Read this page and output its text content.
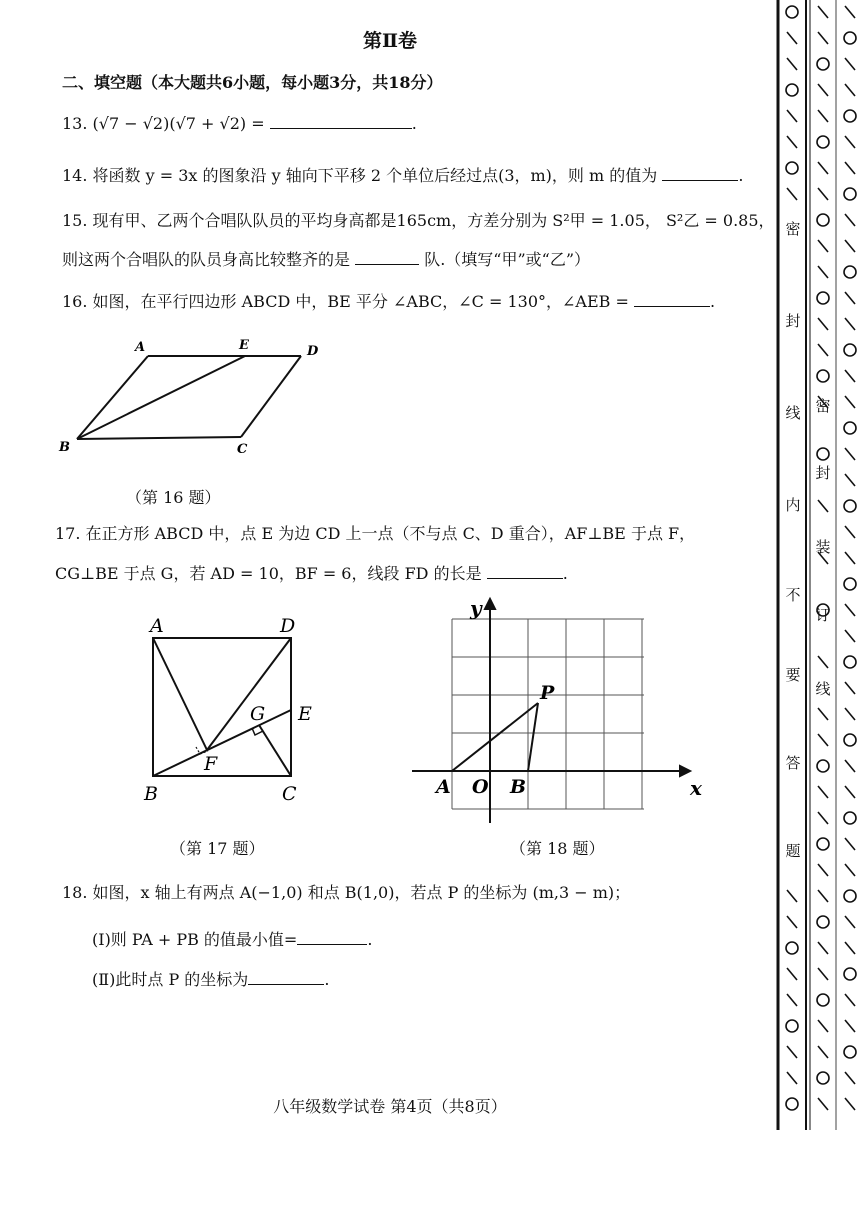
第Ⅱ卷
二、填空题（本大题共6小题，每小题3分，共18分）
13. (√7 − √2)(√7 + √2) =	.
14. 将函数 y = 3x 的图象沿 y 轴向下平移 2 个单位后经过点(3，m)，则 m 的值为	.
15. 现有甲、乙两个合唱队队员的平均身高都是165cm，方差分别为 S²甲 = 1.05， S²乙 = 0.85，
则这两个合唱队的队员身高比较整齐的是	队.（填写“甲”或“乙”）
16. 如图，在平行四边形 ABCD 中，BE 平分 ∠ABC，∠C = 130°，∠AEB =	.
A	E	D
B	C
（第 16 题）
17. 在正方形 ABCD 中，点 E 为边 CD 上一点（不与点 C、D 重合），AF⊥BE 于点 F，
CG⊥BE 于点 G，若 AD = 10，BF = 6，线段 FD 的长是	.
A	D
E
G
F
B	C
（第 17 题）
y
x
P
A O B
（第 18 题）
18. 如图，x 轴上有两点 A(−1,0) 和点 B(1,0)，若点 P 的坐标为 (m,3 − m)；
(Ⅰ)则 PA + PB 的值最小值=	.
(Ⅱ)此时点 P 的坐标为	.
八年级数学试卷 第4页（共8页）
密
封
线
内
不
要
答
题
密
封
装
订
线
